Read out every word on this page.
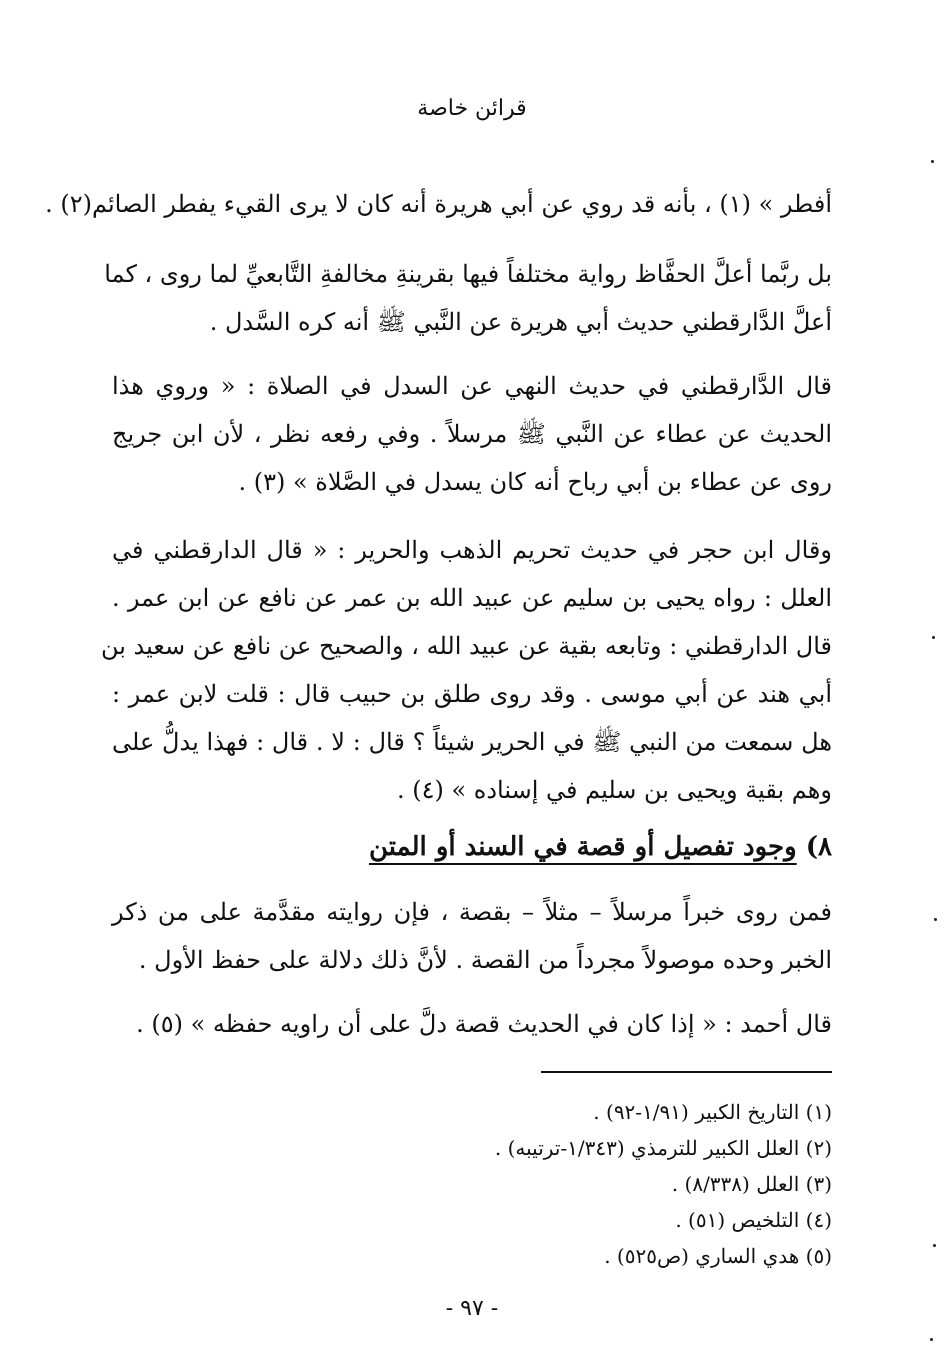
قرائن خاصة
أفطر » (١) ، بأنه قد روي عن أبي هريرة أنه كان لا يرى القيء يفطر الصائم(٢) .
بل ربَّما أعلَّ الحفَّاظ رواية مختلفاً فيها بقرينةِ مخالفةِ التَّابعيِّ لما روى ، كما
أعلَّ الدَّارقطني حديث أبي هريرة عن النَّبي ﷺ أنه كره السَّدل .
قال الدَّارقطني في حديث النهي عن السدل في الصلاة : « وروي هذا
الحديث عن عطاء عن النَّبي ﷺ مرسلاً . وفي رفعه نظر ، لأن ابن جريج
روى عن عطاء بن أبي رباح أنه كان يسدل في الصَّلاة » (٣) .
وقال ابن حجر في حديث تحريم الذهب والحرير : « قال الدارقطني في
العلل : رواه يحيى بن سليم عن عبيد الله بن عمر عن نافع عن ابن عمر .
قال الدارقطني : وتابعه بقية عن عبيد الله ، والصحيح عن نافع عن سعيد بن
أبي هند عن أبي موسى . وقد روى طلق بن حبيب قال : قلت لابن عمر :
هل سمعت من النبي ﷺ في الحرير شيئاً ؟ قال : لا . قال : فهذا يدلُّ على
وهم بقية ويحيى بن سليم في إسناده » (٤) .
٨) وجود تفصيل أو قصة في السند أو المتن
فمن روى خبراً مرسلاً – مثلاً – بقصة ، فإن روايته مقدَّمة على من ذكر
الخبر وحده موصولاً مجرداً من القصة . لأنَّ ذلك دلالة على حفظ الأول .
قال أحمد : « إذا كان في الحديث قصة دلَّ على أن راويه حفظه » (٥) .
(١) التاريخ الكبير (١/٩١-٩٢) .
(٢) العلل الكبير للترمذي (١/٣٤٣-ترتيبه) .
(٣) العلل (٨/٣٣٨) .
(٤) التلخيص (٥١) .
(٥) هدي الساري (ص٥٢٥) .
- ٩٧ -
